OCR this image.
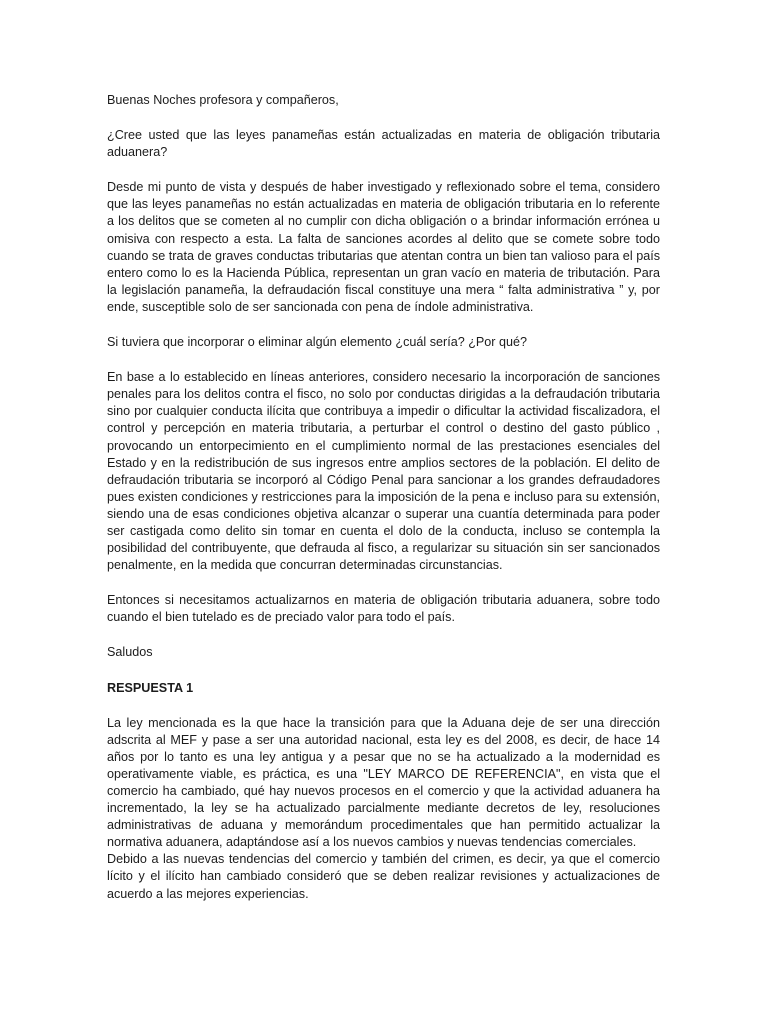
Buenas Noches profesora y compañeros,

¿Cree usted que las leyes panameñas están actualizadas en materia de obligación tributaria aduanera?

Desde mi punto de vista y después de haber investigado y reflexionado sobre el tema, considero que las leyes panameñas no están actualizadas en materia de obligación tributaria en lo referente a los delitos que se cometen al no cumplir con dicha obligación o a brindar información errónea u omisiva con respecto a esta. La falta de sanciones acordes al delito que se comete sobre todo cuando se trata de graves conductas tributarias que atentan contra un bien tan valioso para el país entero como lo es la Hacienda Pública, representan un gran vacío en materia de tributación. Para la legislación panameña, la defraudación fiscal constituye una mera “ falta administrativa ” y, por ende, susceptible solo de ser sancionada con pena de índole administrativa.

Si tuviera que incorporar o eliminar algún elemento ¿cuál sería? ¿Por qué?

En base a lo establecido en líneas anteriores, considero necesario la incorporación de sanciones penales para los delitos contra el fisco, no solo por conductas dirigidas a la defraudación tributaria sino por cualquier conducta ilícita que contribuya a impedir o dificultar la actividad fiscalizadora, el control y percepción en materia tributaria, a perturbar el control o destino del gasto público , provocando un entorpecimiento en el cumplimiento normal de las prestaciones esenciales del Estado y en la redistribución de sus ingresos entre amplios sectores de la población. El delito de defraudación tributaria se incorporó al Código Penal para sancionar a los grandes defraudadores pues existen condiciones y restricciones para la imposición de la pena e incluso para su extensión, siendo una de esas condiciones objetiva alcanzar o superar una cuantía determinada para poder ser castigada como delito sin tomar en cuenta el dolo de la conducta, incluso se contempla la posibilidad del contribuyente, que defrauda al fisco, a regularizar su situación sin ser sancionados penalmente, en la medida que concurran determinadas circunstancias.

Entonces si necesitamos actualizarnos en materia de obligación tributaria aduanera, sobre todo cuando el bien tutelado es de preciado valor para todo el país.

Saludos

RESPUESTA 1

La ley mencionada es la que hace la transición para que la Aduana deje de ser una dirección adscrita al MEF y pase a ser una autoridad nacional, esta ley es del 2008, es decir, de hace 14 años por lo tanto es una ley antigua y a pesar que no se ha actualizado a la modernidad es operativamente viable, es práctica, es una "LEY MARCO DE REFERENCIA", en vista que el comercio ha cambiado, qué hay nuevos procesos en el comercio y que la actividad aduanera ha incrementado, la ley se ha actualizado parcialmente mediante decretos de ley, resoluciones administrativas de aduana y memorándum procedimentales que han permitido actualizar la normativa aduanera, adaptándose así a los nuevos cambios y nuevas tendencias comerciales.

Debido a las nuevas tendencias del comercio y también del crimen, es decir, ya que el comercio lícito y el ilícito han cambiado consideró que se deben realizar revisiones y actualizaciones de acuerdo a las mejores experiencias.
